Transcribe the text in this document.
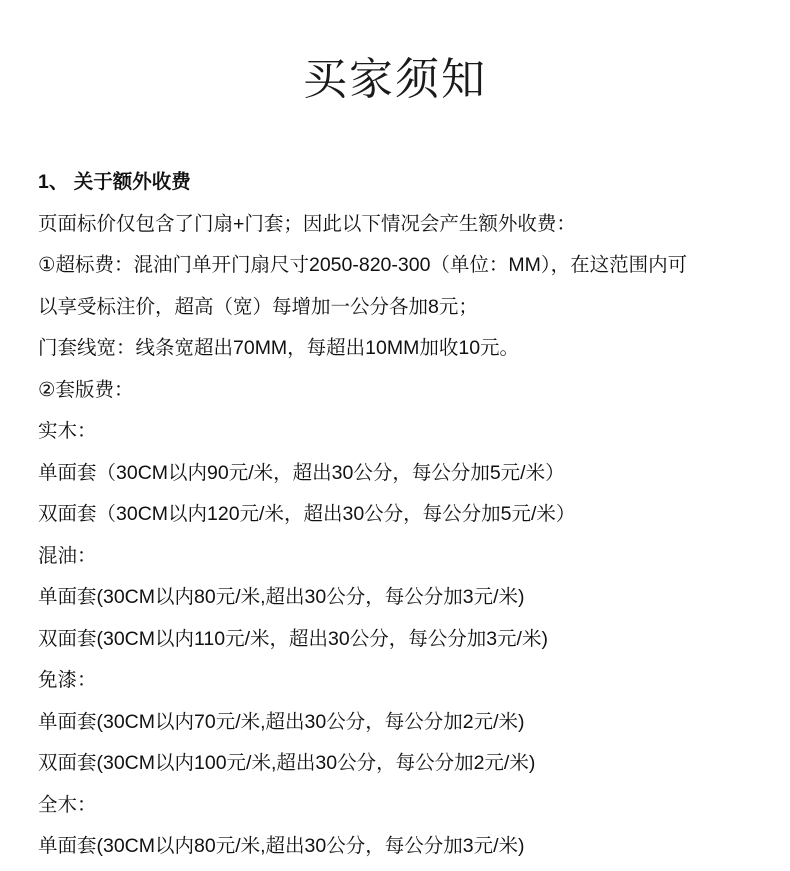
买家须知
1、 关于额外收费
页面标价仅包含了门扇+门套；因此以下情况会产生额外收费：
①超标费：混油门单开门扇尺寸2050-820-300（单位：MM），在这范围内可
以享受标注价，超高（宽）每增加一公分各加8元；
门套线宽：线条宽超出70MM，每超出10MM加收10元。
②套版费：
实木：
单面套（30CM以内90元/米，超出30公分，每公分加5元/米）
双面套（30CM以内120元/米，超出30公分，每公分加5元/米）
混油：
单面套(30CM以内80元/米,超出30公分，每公分加3元/米)
双面套(30CM以内110元/米，超出30公分，每公分加3元/米)
免漆：
单面套(30CM以内70元/米,超出30公分，每公分加2元/米)
双面套(30CM以内100元/米,超出30公分，每公分加2元/米)
全木：
单面套(30CM以内80元/米,超出30公分，每公分加3元/米)
